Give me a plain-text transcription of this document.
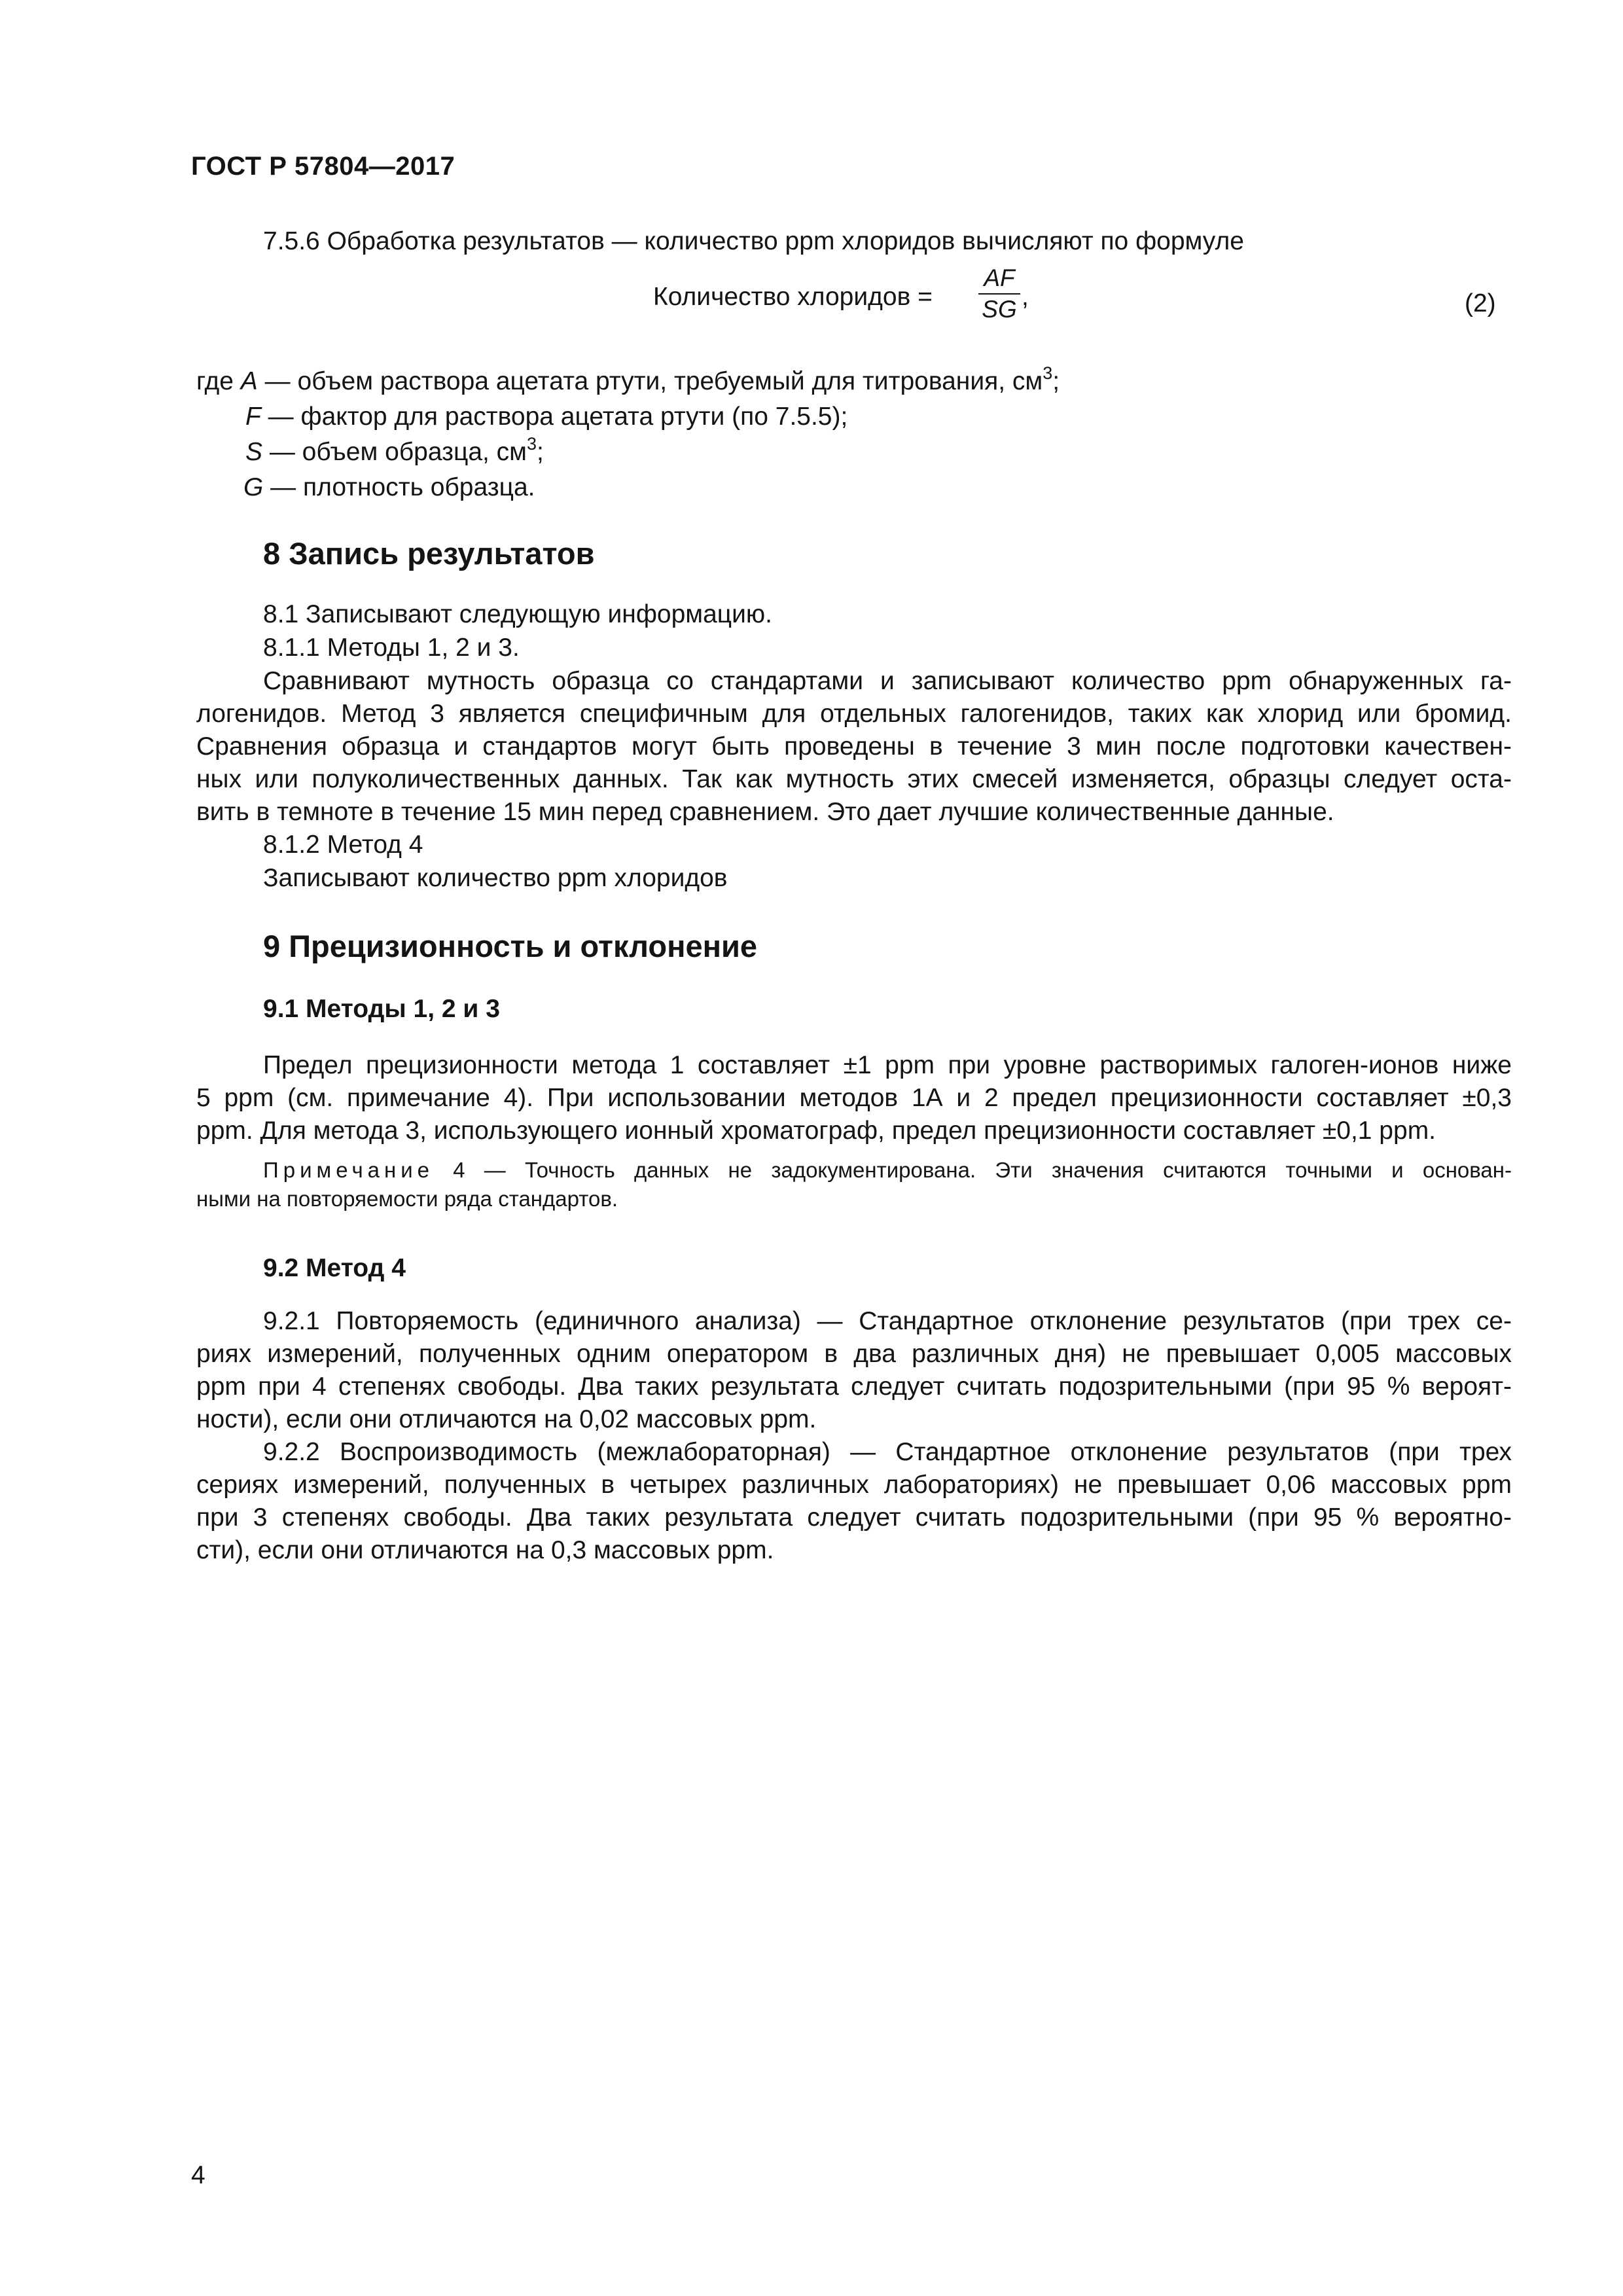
ГОСТ Р 57804—2017
7.5.6 Обработка результатов — количество ppm хлоридов вычисляют по формуле
Количество хлоридов =
AF
SG ,	(2)
где A — объем раствора ацетата ртути, требуемый для титрования, $см^3$;
F — фактор для раствора ацетата ртути (по 7.5.5);
S — объем образца, $см^3$;
G — плотность образца.
8 Запись результатов
8.1 Записывают следующую информацию.
8.1.1 Методы 1, 2 и 3.
Сравнивают мутность образца со стандартами и записывают количество ppm обнаруженных га-
логенидов. Метод 3 является специфичным для отдельных галогенидов, таких как хлорид или бромид.
Сравнения образца и стандартов могут быть проведены в течение 3 мин после подготовки качествен-
ных или полуколичественных данных. Так как мутность этих смесей изменяется, образцы следует оста-
вить в темноте в течение 15 мин перед сравнением. Это дает лучшие количественные данные.
8.1.2 Метод 4
Записывают количество ppm хлоридов
9 Прецизионность и отклонение
9.1 Методы 1, 2 и 3
Предел прецизионности метода 1 составляет ±1 ppm при уровне растворимых галоген-ионов ниже
5 ppm (см. примечание 4). При использовании методов 1А и 2 предел прецизионности составляет ±0,3
ppm. Для метода 3, использующего ионный хроматограф, предел прецизионности составляет ±0,1 ppm.
Примечание 4 — Точность данных не задокументирована. Эти значения считаются точными и основан-
ными на повторяемости ряда стандартов.
9.2 Метод 4
9.2.1 Повторяемость (единичного анализа) — Стандартное отклонение результатов (при трех се-
риях измерений, полученных одним оператором в два различных дня) не превышает 0,005 массовых
ppm при 4 степенях свободы. Два таких результата следует считать подозрительными (при 95 % вероят-
ности), если они отличаются на 0,02 массовых ppm.
9.2.2 Воспроизводимость (межлабораторная) — Стандартное отклонение результатов (при трех
сериях измерений, полученных в четырех различных лабораториях) не превышает 0,06 массовых ppm
при 3 степенях свободы. Два таких результата следует считать подозрительными (при 95 % вероятно-
сти), если они отличаются на 0,3 массовых ppm.
4
